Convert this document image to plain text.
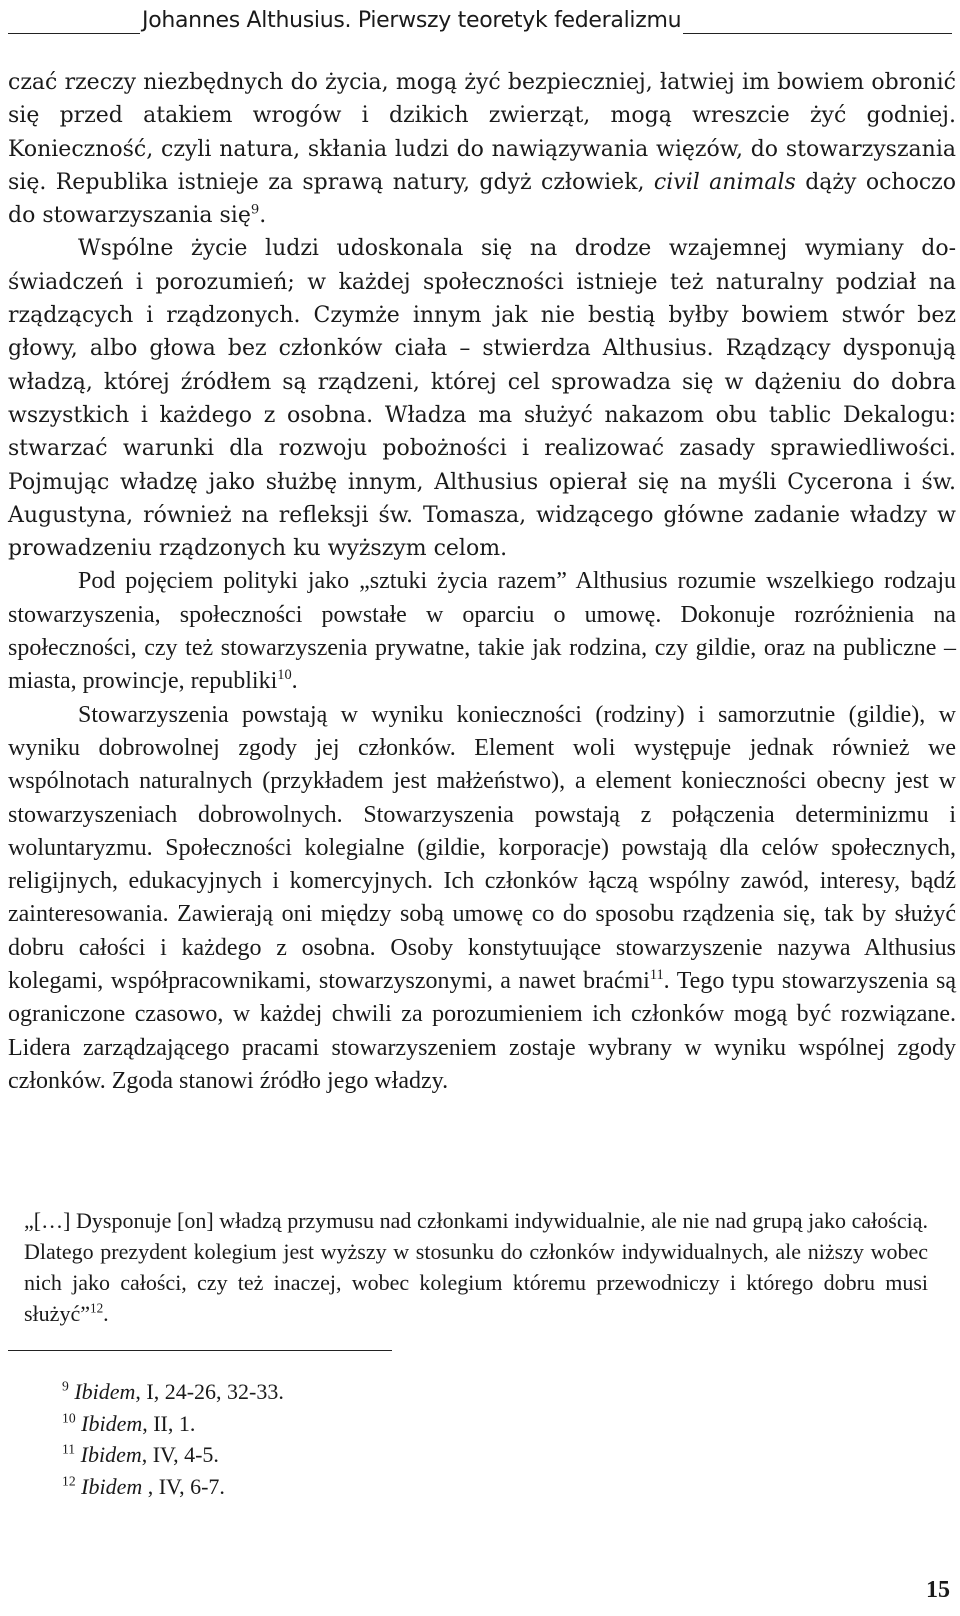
Johannes Althusius. Pierwszy teoretyk federalizmu

czać rzeczy niezbędnych do życia, mogą żyć bezpieczniej, łatwiej im bowiem obronić się przed atakiem wrogów i dzikich zwierząt, mogą wreszcie żyć godniej. Konieczność, czyli natura, skłania ludzi do nawiązywania więzów, do stowarzyszania się. Republika istnieje za sprawą natury, gdyż człowiek, civil animals dąży ochoczo do stowarzyszania się$^9$.

Wspólne życie ludzi udoskonala się na drodze wzajemnej wymiany doświadczeń i porozumień; w każdej społeczności istnieje też naturalny podział na rządzących i rządzonych. Czymże innym jak nie bestią byłby bowiem stwór bez głowy, albo głowa bez członków ciała – stwierdza Althusius. Rządzący dysponują władzą, której źródłem są rządzeni, której cel sprowadza się w dążeniu do dobra wszystkich i każdego z osobna. Władza ma służyć nakazom obu tablic Dekalogu: stwarzać warunki dla rozwoju pobożności i realizować zasady sprawiedliwości. Pojmując władzę jako służbę innym, Althusius opierał się na myśli Cycerona i św. Augustyna, również na refleksji św. Tomasza, widzącego główne zadanie władzy w prowadzeniu rządzonych ku wyższym celom.

Pod pojęciem polityki jako „sztuki życia razem” Althusius rozumie wszelkiego rodzaju stowarzyszenia, społeczności powstałe w oparciu o umowę. Dokonuje rozróżnienia na społeczności, czy też stowarzyszenia prywatne, takie jak rodzina, czy gildie, oraz na publiczne – miasta, prowincje, republiki$^{10}$.

Stowarzyszenia powstają w wyniku konieczności (rodziny) i samorzutnie (gildie), w wyniku dobrowolnej zgody jej członków. Element woli występuje jednak również we wspólnotach naturalnych (przykładem jest małżeństwo), a element konieczności obecny jest w stowarzyszeniach dobrowolnych. Stowarzyszenia powstają z połączenia determinizmu i woluntaryzmu. Społeczności kolegialne (gildie, korporacje) powstają dla celów społecznych, religijnych, edukacyjnych i komercyjnych. Ich członków łączą wspólny zawód, interesy, bądź zainteresowania. Zawierają oni między sobą umowę co do sposobu rządzenia się, tak by służyć dobru całości i każdego z osobna. Osoby konstytuujące stowarzyszenie nazywa Althusius kolegami, współpracownikami, stowarzyszonymi, a nawet braćmi$^{11}$. Tego typu stowarzyszenia są ograniczone czasowo, w każdej chwili za porozumieniem ich członków mogą być rozwiązane. Lidera zarządzającego pracami stowarzyszeniem zostaje wybrany w wyniku wspólnej zgody członków. Zgoda stanowi źródło jego władzy.

„[…] Dysponuje [on] władzą przymusu nad członkami indywidualnie, ale nie nad grupą jako całością. Dlatego prezydent kolegium jest wyższy w stosunku do członków indywidualnych, ale niższy wobec nich jako całości, czy też inaczej, wobec kolegium któremu przewodniczy i którego dobru musi służyć”$^{12}$.

$^9$ Ibidem, I, 24-26, 32-33.
$^{10}$ Ibidem, II, 1.
$^{11}$ Ibidem, IV, 4-5.
$^{12}$ Ibidem , IV, 6-7.
15
